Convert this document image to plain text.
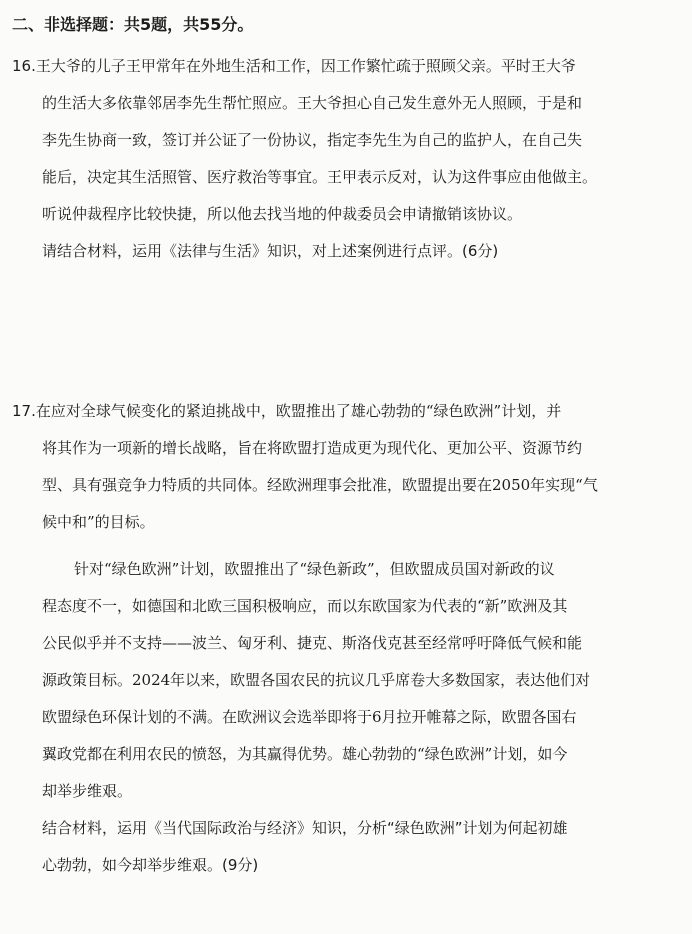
二、非选择题：共5题，共55分。
16.王大爷的儿子王甲常年在外地生活和工作，因工作繁忙疏于照顾父亲。平时王大爷
的生活大多依靠邻居李先生帮忙照应。王大爷担心自己发生意外无人照顾，于是和
李先生协商一致，签订并公证了一份协议，指定李先生为自己的监护人，在自己失
能后，决定其生活照管、医疗救治等事宜。王甲表示反对，认为这件事应由他做主。
听说仲裁程序比较快捷，所以他去找当地的仲裁委员会申请撤销该协议。
请结合材料，运用《法律与生活》知识，对上述案例进行点评。(6分)
17.在应对全球气候变化的紧迫挑战中，欧盟推出了雄心勃勃的“绿色欧洲”计划，并
将其作为一项新的增长战略，旨在将欧盟打造成更为现代化、更加公平、资源节约
型、具有强竞争力特质的共同体。经欧洲理事会批准，欧盟提出要在2050年实现“气
候中和”的目标。
针对“绿色欧洲”计划，欧盟推出了“绿色新政”，但欧盟成员国对新政的议
程态度不一，如德国和北欧三国积极响应，而以东欧国家为代表的“新”欧洲及其
公民似乎并不支持——波兰、匈牙利、捷克、斯洛伐克甚至经常呼吁降低气候和能
源政策目标。2024年以来，欧盟各国农民的抗议几乎席卷大多数国家，表达他们对
欧盟绿色环保计划的不满。在欧洲议会选举即将于6月拉开帷幕之际，欧盟各国右
翼政党都在利用农民的愤怒，为其赢得优势。雄心勃勃的“绿色欧洲”计划，如今
却举步维艰。
结合材料，运用《当代国际政治与经济》知识，分析“绿色欧洲”计划为何起初雄
心勃勃，如今却举步维艰。(9分)
